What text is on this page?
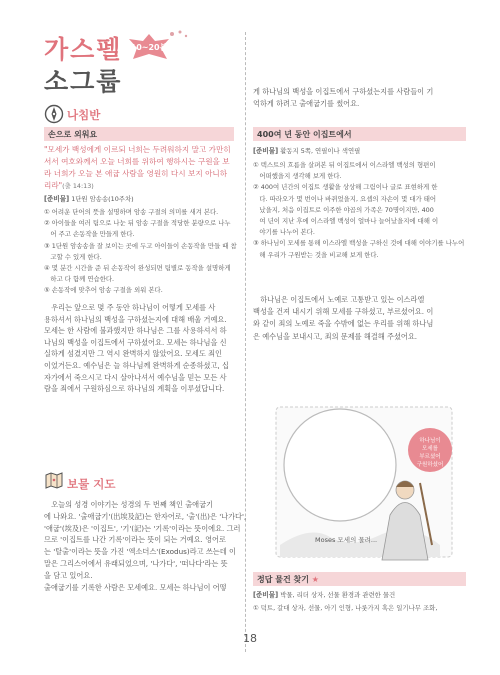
가스펠
소그룹
10~20분
나침반
손으로 외워요
"모세가 백성에게 이르되 너희는 두려워하지 말고 가만히
서서 여호와께서 오늘 너희를 위하여 행하시는 구원을 보
라 너희가 오늘 본 애굽 사람을 영원히 다시 보지 아니하
리라"(출 14:13)
[준비물] 1단원 암송송(10주차)
① 어려운 단어의 뜻을 설명하며 암송 구절의 의미를 새겨 본다.
② 아이들을 여러 팀으로 나눈 뒤 암송 구절을 적당한 분량으로 나누
　어 주고 손동작을 만들게 한다.
③ 1단원 암송송을 잘 보이는 곳에 두고 아이들이 손동작을 만들 때 참
　고할 수 있게 한다.
④ 몇 분간 시간을 준 뒤 손동작이 완성되면 팀별로 동작을 설명하게
　하고 다 함께 연습한다.
⑤ 손동작에 맞추어 암송 구절을 외워 본다.
　우리는 앞으로 몇 주 동안 하나님이 어떻게 모세를 사
용하셔서 하나님의 백성을 구하셨는지에 대해 배울 거예요.
모세는 한 사람에 불과했지만 하나님은 그를 사용하셔서 하
나님의 백성을 이집트에서 구하셨어요. 모세는 하나님을 신
실하게 섬겼지만 그 역시 완벽하지 않았어요. 모세도 죄인
이었거든요. 예수님은 늘 하나님께 완벽하게 순종하셨고, 십
자가에서 죽으시고 다시 살아나셔서 예수님을 믿는 모든 사
람을 죄에서 구원하심으로 하나님의 계획을 이루셨답니다.
보물 지도
　오늘의 성경 이야기는 성경의 두 번째 책인 출애굽기
에 나와요. '출애굽기'(出埃及記)는 한자어로, '출'(出)은 '나가다',
'애굽'(埃及)은 '이집트', '기'(記)는 '기록'이라는 뜻이에요. 그러
므로 '이집트를 나간 기록'이라는 뜻이 되는 거예요. 영어로
는 '탈출'이라는 뜻을 가진 '엑소더스'(Exodus)라고 쓰는데 이
말은 그리스어에서 유래되었으며, '나가다', '떠나다'라는 뜻
을 담고 있어요.
출애굽기를 기록한 사람은 모세예요. 모세는 하나님이 어떻
게 하나님의 백성을 이집트에서 구하셨는지를 사람들이 기
억하게 하려고 출애굽기를 썼어요.
400여 년 동안 이집트에서
[준비물] 활동지 5쪽, 연필이나 색연필
① 텍스트의 흐름을 살펴본 뒤 이집트에서 이스라엘 백성의 형편이
　어떠했을지 생각해 보게 한다.
② 400여 년간의 이집트 생활을 상상해 그림이나 글로 표현하게 한
　다. 따라오가 몇 번이나 바뀌었을지, 요셉의 자손이 몇 대가 태어
　났을지, 처음 이집트로 이주한 야곱의 가족은 70명이지만, 400
　여 년이 지난 후에 이스라엘 백성이 얼마나 늘어났을지에 대해 이
　야기를 나누어 본다.
③ 하나님이 모세를 통해 이스라엘 백성을 구하신 것에 대해 이야기를 나누어
　해 우리가 구원받는 것을 비교해 보게 한다.
　하나님은 이집트에서 노예로 고통받고 있는 이스라엘
백성을 건져 내시기 위해 모세를 구하셨고, 부르셨어요. 이
와 같이 죄의 노예로 죽을 수밖에 없는 우리를 위해 하나님
은 예수님을 보내시고, 죄의 문제를 해결해 주셨어요.
하나님이
모세를
부르셨어
구원하셨어
Moses 모세의 물려...
정답 물건 찾기 ★
[준비물] 박물, 리더 상자, 선물 환경과 관련한 물건
① 덕트, 갈대 상자, 선물, 아기 인형, 나룻가지 혹은 일기나무 조화,
18
